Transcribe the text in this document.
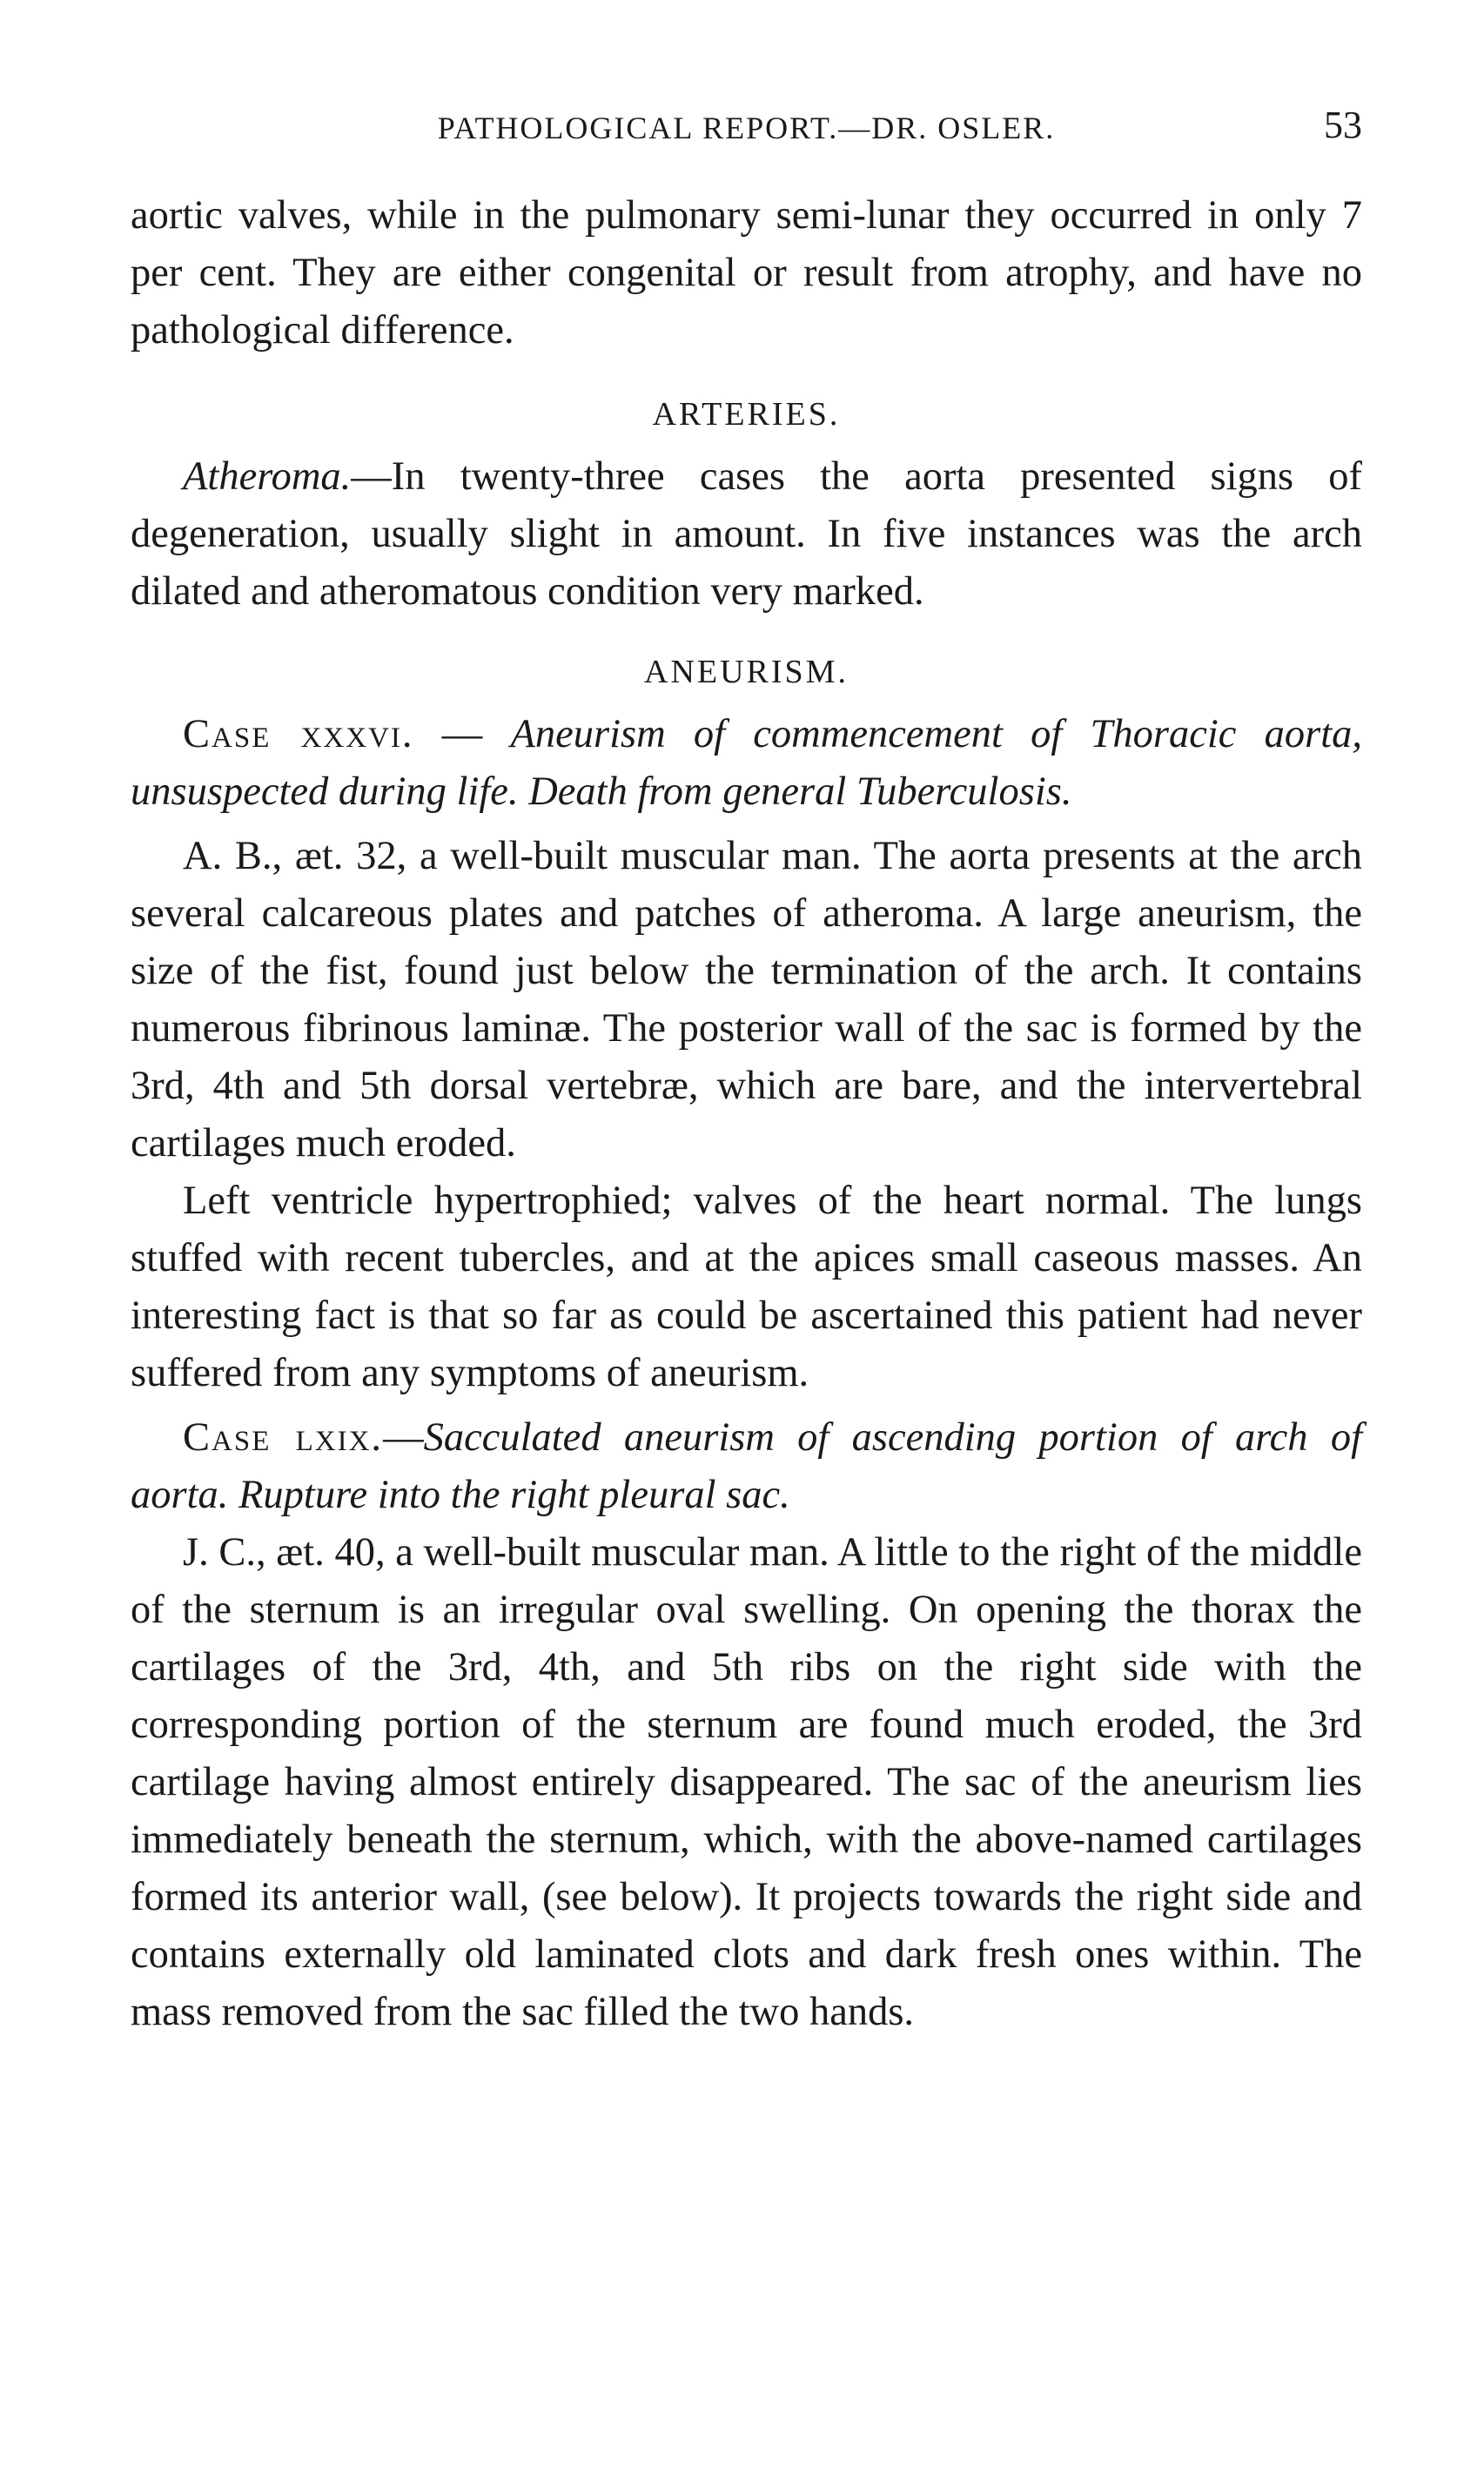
PATHOLOGICAL REPORT.—DR. OSLER.	53

aortic valves, while in the pulmonary semi-lunar they occurred in only 7 per cent. They are either congenital or result from atrophy, and have no pathological difference.

ARTERIES.

Atheroma.—In twenty-three cases the aorta presented signs of degeneration, usually slight in amount. In five instances was the arch dilated and atheromatous condition very marked.

ANEURISM.

Case xxxvi. — Aneurism of commencement of Thoracic aorta, unsuspected during life. Death from general Tuberculosis.

A. B., æt. 32, a well-built muscular man. The aorta presents at the arch several calcareous plates and patches of atheroma. A large aneurism, the size of the fist, found just below the termination of the arch. It contains numerous fibrinous laminæ. The posterior wall of the sac is formed by the 3rd, 4th and 5th dorsal vertebræ, which are bare, and the intervertebral cartilages much eroded.

Left ventricle hypertrophied; valves of the heart normal. The lungs stuffed with recent tubercles, and at the apices small caseous masses. An interesting fact is that so far as could be ascertained this patient had never suffered from any symptoms of aneurism.

Case lxix.—Sacculated aneurism of ascending portion of arch of aorta. Rupture into the right pleural sac.

J. C., æt. 40, a well-built muscular man. A little to the right of the middle of the sternum is an irregular oval swelling. On opening the thorax the cartilages of the 3rd, 4th, and 5th ribs on the right side with the corresponding portion of the sternum are found much eroded, the 3rd cartilage having almost entirely disappeared. The sac of the aneurism lies immediately beneath the sternum, which, with the above-named cartilages formed its anterior wall, (see below). It projects towards the right side and contains externally old laminated clots and dark fresh ones within. The mass removed from the sac filled the two hands.
